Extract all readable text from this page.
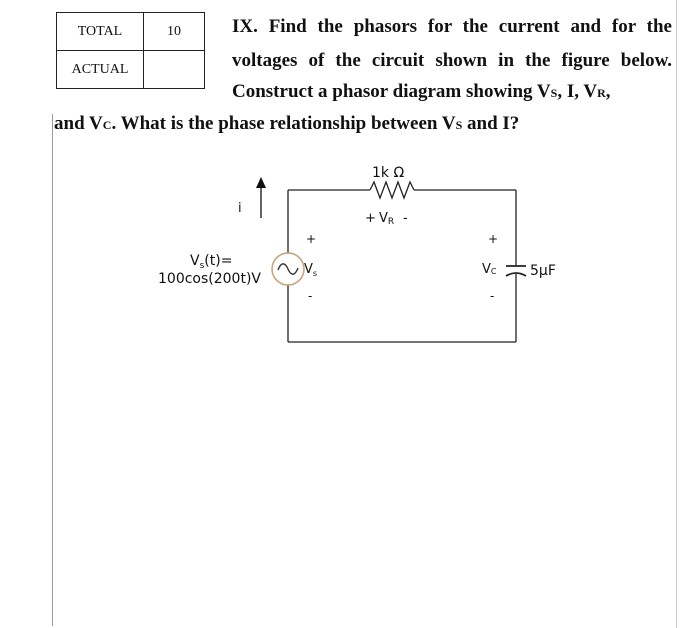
TOTAL	10
ACTUAL	
IX. Find the phasors for the current and for the
voltages of the circuit shown in the figure below.
Construct a phasor diagram showing VS, I, VR,
and VC. What is the phase relationship between VS and I?
1k Ω
+ VR -
i
$V_s(t)=$
100cos(200t)V
+
$V_s$
-
+
VC
-
5μF
